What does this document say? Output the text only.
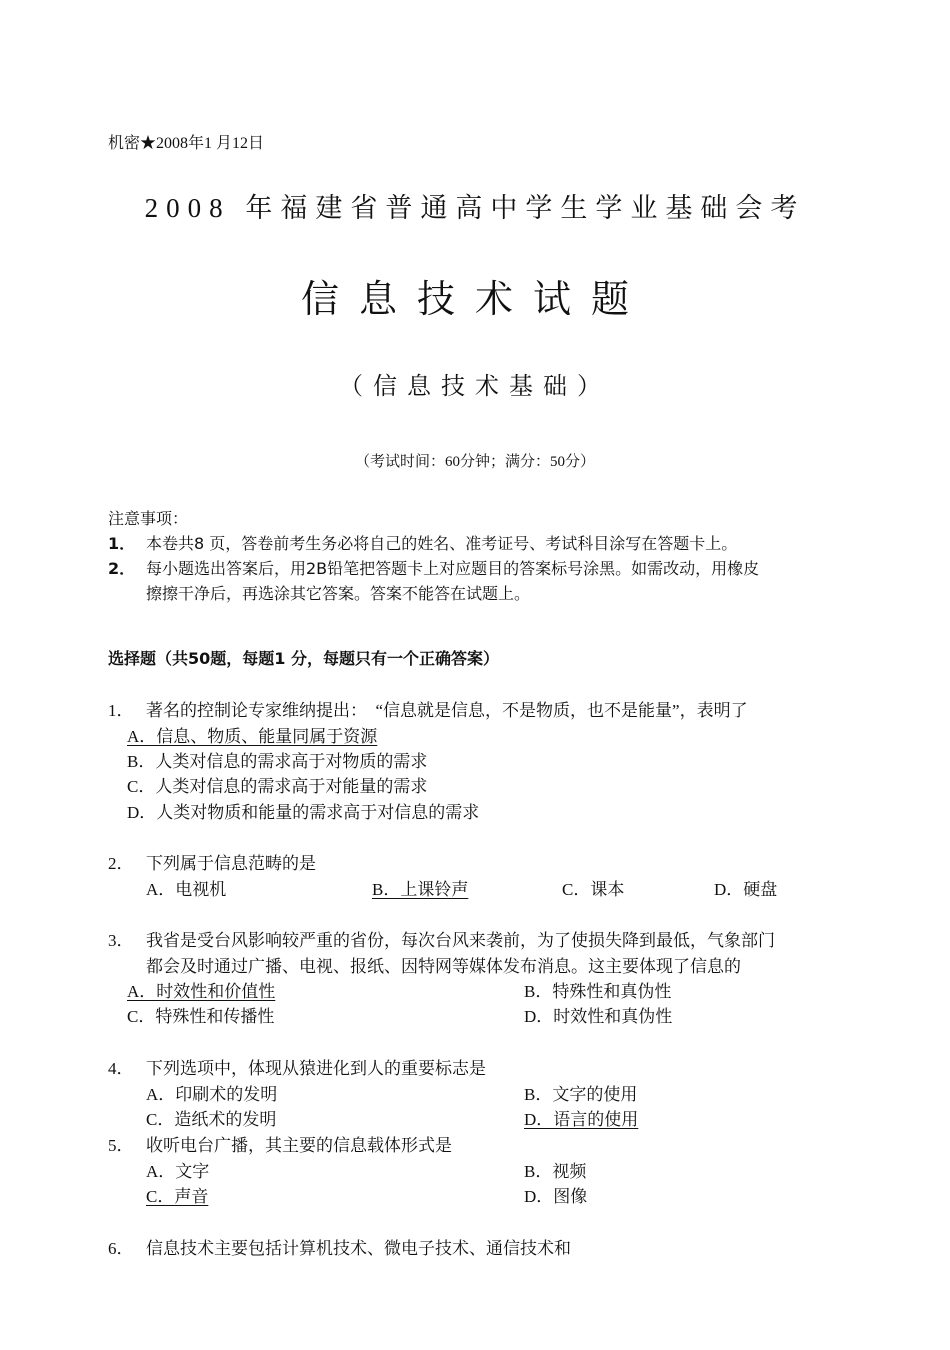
机密★2008年1 月12日
2008 年福建省普通高中学生学业基础会考
信息技术试题
（信息技术基础）
（考试时间：60分钟；满分：50分）
注意事项：
1． 本卷共8 页，答卷前考生务必将自己的姓名、准考证号、考试科目涂写在答题卡上。
2． 每小题选出答案后，用2B铅笔把答题卡上对应题目的答案标号涂黑。如需改动，用橡皮
擦擦干净后，再选涂其它答案。答案不能答在试题上。
选择题（共50题，每题1 分，每题只有一个正确答案）
1． 著名的控制论专家维纳提出：　“信息就是信息，不是物质，也不是能量”，表明了
A．信息、物质、能量同属于资源
B．人类对信息的需求高于对物质的需求
C．人类对信息的需求高于对能量的需求
D．人类对物质和能量的需求高于对信息的需求
2． 下列属于信息范畴的是
A．电视机	B．上课铃声	C．课本	D．硬盘
3． 我省是受台风影响较严重的省份，每次台风来袭前，为了使损失降到最低，气象部门
都会及时通过广播、电视、报纸、因特网等媒体发布消息。这主要体现了信息的
A．时效性和价值性	B．特殊性和真伪性
C．特殊性和传播性	D．时效性和真伪性
4． 下列选项中，体现从猿进化到人的重要标志是
A．印刷术的发明	B．文字的使用
C．造纸术的发明	D．语言的使用
5． 收听电台广播，其主要的信息载体形式是
A．文字	B．视频
C．声音	D．图像
6． 信息技术主要包括计算机技术、微电子技术、通信技术和
